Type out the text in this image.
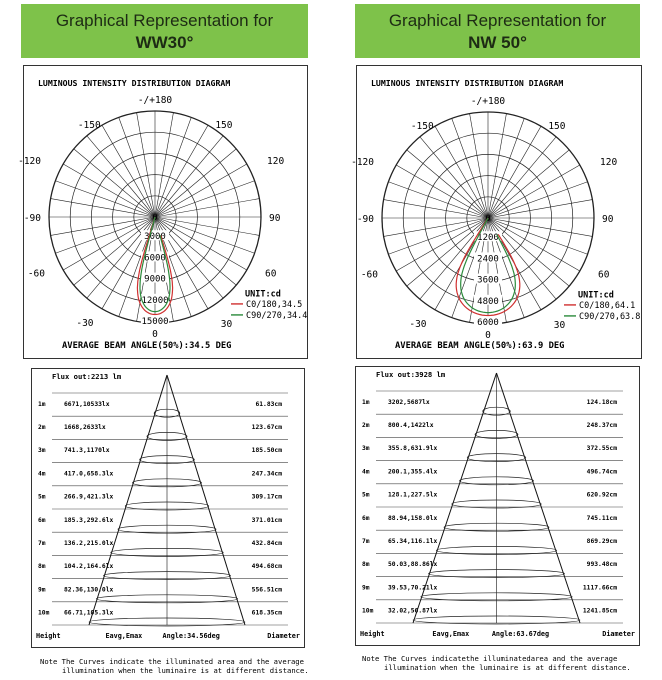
Graphical Representation for
WW30°
Graphical Representation for
NW 50°
LUMINOUS INTENSITY DISTRIBUTION DIAGRAM
-/+180
-150	150
-120	120
-90	90
-60	60
-30	30
0
0
3000
6000
9000
12000
15000
UNIT:cd
C0/180,34.5
C90/270,34.4
AVERAGE BEAM ANGLE(50%):34.5 DEG
LUMINOUS INTENSITY DISTRIBUTION DIAGRAM
-/+180
-150	150
-120	120
-90	90
-60	60
-30	30
0
0
1200
2400
3600
4800
6000
UNIT:cd
C0/180,64.1
C90/270,63.8
AVERAGE BEAM ANGLE(50%):63.9 DEG
Flux out:2213 lm
1m	6671,10533lx	61.83cm
2m	1668,2633lx	123.67cm
3m	741.3,1170lx	185.50cm
4m	417.0,658.3lx	247.34cm
5m	266.9,421.3lx	309.17cm
6m	185.3,292.6lx	371.01cm
7m	136.2,215.0lx	432.84cm
8m	104.2,164.6lx	494.68cm
9m	82.36,130.0lx	556.51cm
10m 66.71,105.3lx	618.35cm
Height	Eavg,Emax	Angle:34.56deg	Diameter
Flux out:3928 lm
1m	3202,5687lx	124.18cm
2m	800.4,1422lx	248.37cm
3m	355.8,631.9lx	372.55cm
4m	200.1,355.4lx	496.74cm
5m	128.1,227.5lx	620.92cm
6m	88.94,158.0lx	745.11cm
7m	65.34,116.1lx	869.29cm
8m	50.03,88.86lx	993.48cm
9m	39.53,70.21lx	1117.66cm
10m 32.02,56.87lx	1241.85cm
Height	Eavg,Emax	Angle:63.67deg	Diameter
Note The Curves indicate the illuminated area and the average
illumination when the luminaire is at different distance.
Note The Curves indicatethe illuminatedarea and the average
illumination when the luminaire is at different distance.
